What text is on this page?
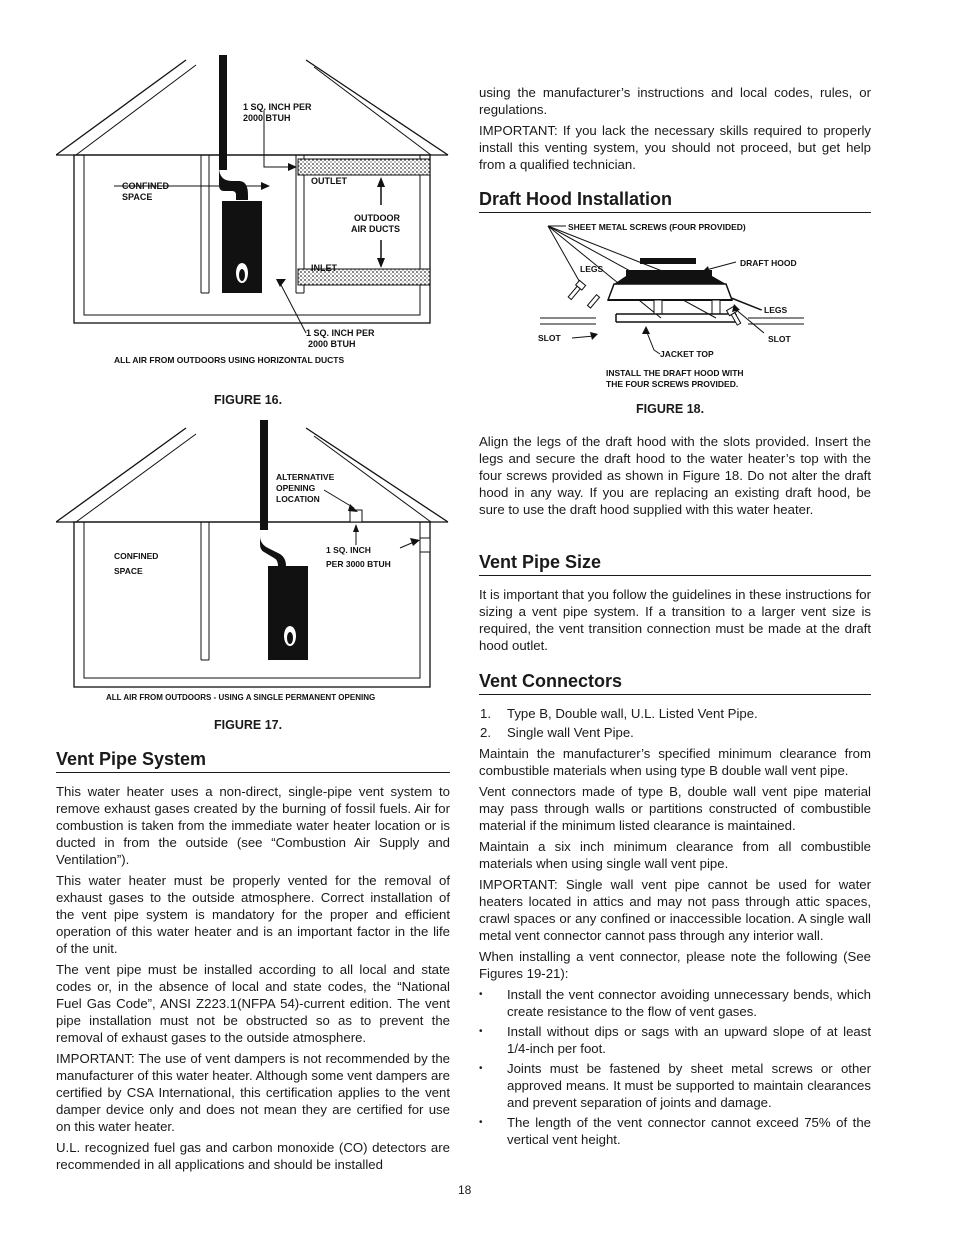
1 SQ. INCH PER
2000 BTUH
CONFINED
SPACE
OUTLET
OUTDOOR
AIR DUCTS
INLET
1 SQ. INCH PER
2000 BTUH
ALL AIR FROM OUTDOORS USING HORIZONTAL DUCTS
FIGURE 16.
ALTERNATIVE
OPENING
LOCATION
CONFINED
SPACE
1 SQ. INCH
PER 3000 BTUH
ALL AIR FROM OUTDOORS - USING A SINGLE PERMANENT OPENING
FIGURE 17.
Vent Pipe System

This water heater uses a non-direct, single-pipe vent system to remove exhaust gases created by the burning of fossil fuels. Air for combustion is taken from the immediate water heater location or is ducted in from the outside (see “Combustion Air Supply and Ventilation”).

This water heater must be properly vented for the removal of exhaust gases to the outside atmosphere. Correct installation of the vent pipe system is mandatory for the proper and efficient operation of this water heater and is an important factor in the life of the unit.

The vent pipe must be installed according to all local and state codes or, in the absence of local and state codes, the “National Fuel Gas Code”, ANSI Z223.1(NFPA 54)-current edition. The vent pipe installation must not be obstructed so as to prevent the removal of exhaust gases to the outside atmosphere.

IMPORTANT: The use of vent dampers is not recommended by the manufacturer of this water heater. Although some vent dampers are certified by CSA International, this certification applies to the vent damper device only and does not mean they are certified for use on this water heater.

U.L. recognized fuel gas and carbon monoxide (CO) detectors are recommended in all applications and should be installed

using the manufacturer’s instructions and local codes, rules, or regulations.

IMPORTANT: If you lack the necessary skills required to properly install this venting system, you should not proceed, but get help from a qualified technician.

Draft Hood Installation
SHEET METAL SCREWS (FOUR PROVIDED)
LEGS
DRAFT HOOD
LEGS
SLOT	SLOT
JACKET TOP
INSTALL THE DRAFT HOOD WITH
THE FOUR SCREWS PROVIDED.
FIGURE 18.

Align the legs of the draft hood with the slots provided. Insert the legs and secure the draft hood to the water heater’s top with the four screws provided as shown in Figure 18. Do not alter the draft hood in any way. If you are replacing an existing draft hood, be sure to use the draft hood supplied with this water heater.

Vent Pipe Size

It is important that you follow the guidelines in these instructions for sizing a vent pipe system. If a transition to a larger vent size is required, the vent transition connection must be made at the draft hood outlet.

Vent Connectors
1. Type B, Double wall, U.L. Listed Vent Pipe.
2. Single wall Vent Pipe.

Maintain the manufacturer’s specified minimum clearance from combustible materials when using type B double wall vent pipe.

Vent connectors made of type B, double wall vent pipe material may pass through walls or partitions constructed of combustible material if the minimum listed clearance is maintained.

Maintain a six inch minimum clearance from all combustible materials when using single wall vent pipe.

IMPORTANT: Single wall vent pipe cannot be used for water heaters located in attics and may not pass through attic spaces, crawl spaces or any confined or inaccessible location. A single wall metal vent connector cannot pass through any interior wall.

When installing a vent connector, please note the following (See Figures 19-21):

• Install the vent connector avoiding unnecessary bends, which create resistance to the flow of vent gases.
• Install without dips or sags with an upward slope of at least 1/4-inch per foot.
• Joints must be fastened by sheet metal screws or other approved means. It must be supported to maintain clearances and prevent separation of joints and damage.
• The length of the vent connector cannot exceed 75% of the vertical vent height.
18
